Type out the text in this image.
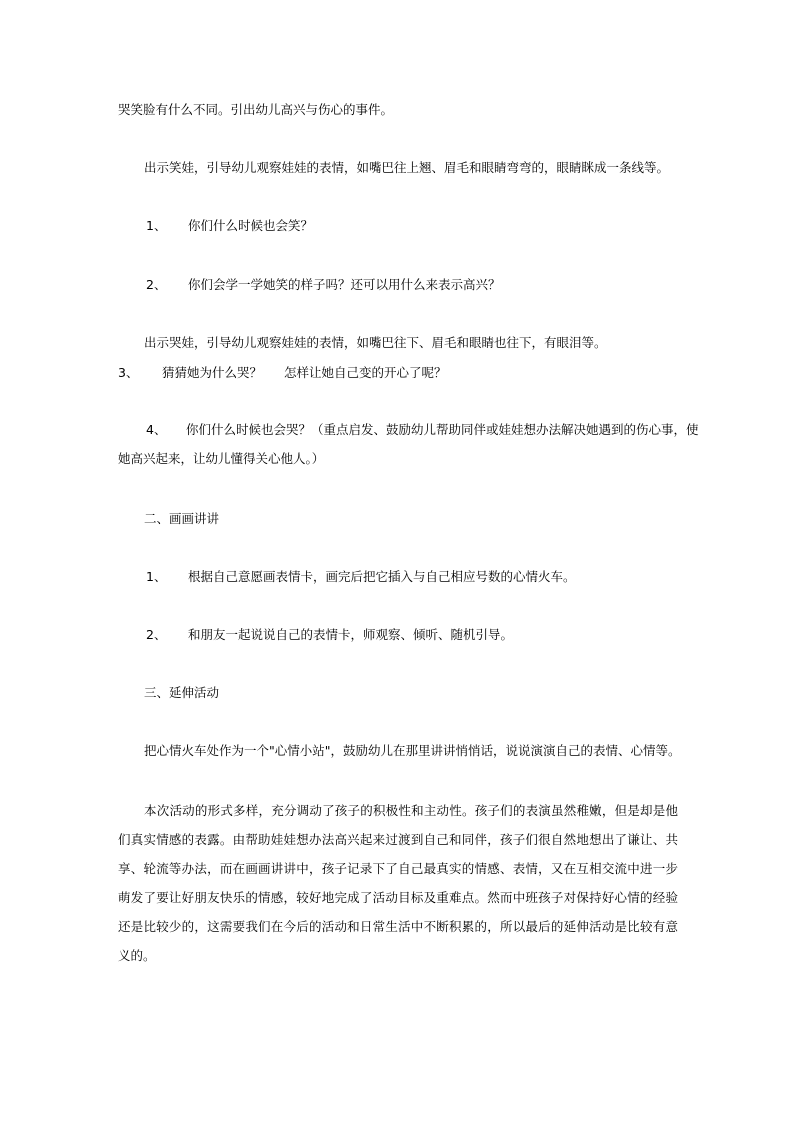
哭笑脸有什么不同。引出幼儿高兴与伤心的事件。
出示笑娃，引导幼儿观察娃娃的表情，如嘴巴往上翘、眉毛和眼睛弯弯的，眼睛眯成一条线等。
1、 你们什么时候也会笑？
2、 你们会学一学她笑的样子吗？还可以用什么来表示高兴？
出示哭娃，引导幼儿观察娃娃的表情，如嘴巴往下、眉毛和眼睛也往下，有眼泪等。
3、 猜猜她为什么哭？ 怎样让她自己变的开心了呢？
4、 你们什么时候也会哭？（重点启发、鼓励幼儿帮助同伴或娃娃想办法解决她遇到的伤心事，使
她高兴起来，让幼儿懂得关心他人。）
二、画画讲讲
1、 根据自己意愿画表情卡，画完后把它插入与自己相应号数的心情火车。
2、 和朋友一起说说自己的表情卡，师观察、倾听、随机引导。
三、延伸活动
把心情火车处作为一个"心情小站"，鼓励幼儿在那里讲讲悄悄话，说说演演自己的表情、心情等。
本次活动的形式多样，充分调动了孩子的积极性和主动性。孩子们的表演虽然稚嫩，但是却是他们真实情感的表露。由帮助娃娃想办法高兴起来过渡到自己和同伴，孩子们很自然地想出了谦让、共享、轮流等办法，而在画画讲讲中，孩子记录下了自己最真实的情感、表情，又在互相交流中进一步萌发了要让好朋友快乐的情感，较好地完成了活动目标及重难点。然而中班孩子对保持好心情的经验还是比较少的，这需要我们在今后的活动和日常生活中不断积累的，所以最后的延伸活动是比较有意义的。
